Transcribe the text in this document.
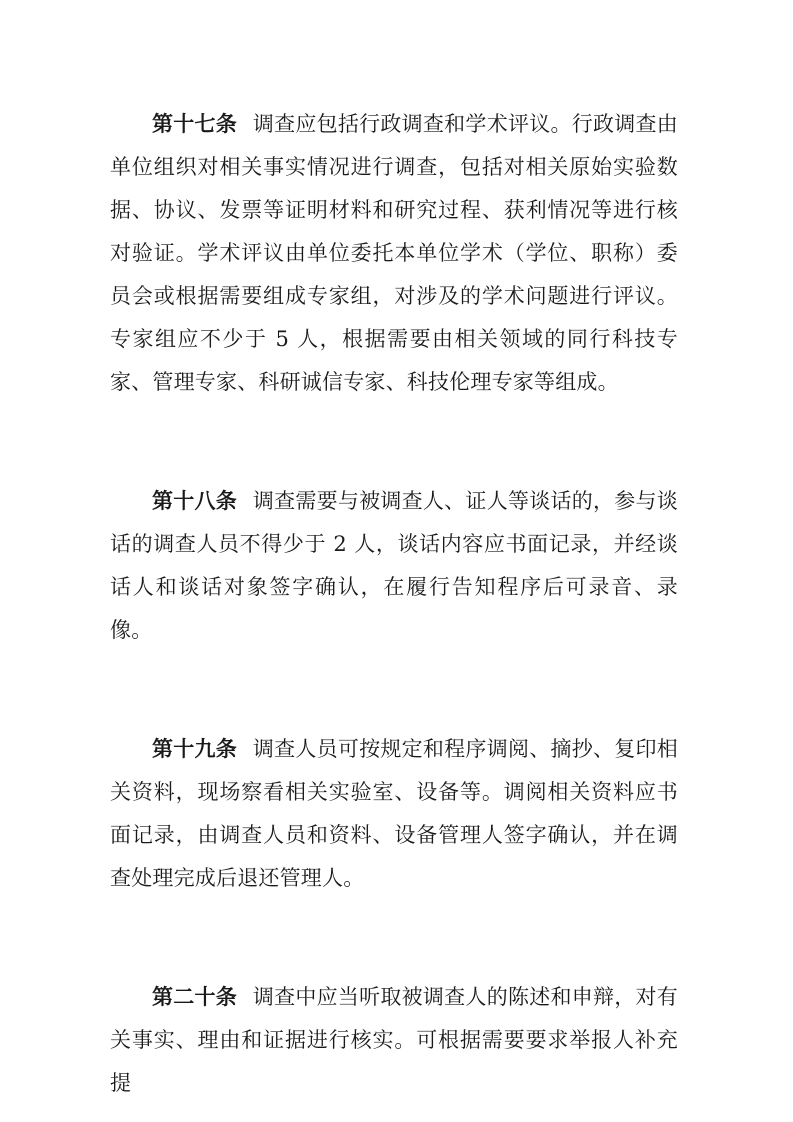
第十七条 调查应包括行政调查和学术评议。行政调查由单位组织对相关事实情况进行调查，包括对相关原始实验数据、协议、发票等证明材料和研究过程、获利情况等进行核对验证。学术评议由单位委托本单位学术（学位、职称）委员会或根据需要组成专家组，对涉及的学术问题进行评议。专家组应不少于 5 人，根据需要由相关领域的同行科技专家、管理专家、科研诚信专家、科技伦理专家等组成。

第十八条 调查需要与被调查人、证人等谈话的，参与谈话的调查人员不得少于 2 人，谈话内容应书面记录，并经谈话人和谈话对象签字确认，在履行告知程序后可录音、录像。

第十九条 调查人员可按规定和程序调阅、摘抄、复印相关资料，现场察看相关实验室、设备等。调阅相关资料应书面记录，由调查人员和资料、设备管理人签字确认，并在调查处理完成后退还管理人。

第二十条 调查中应当听取被调查人的陈述和申辩，对有关事实、理由和证据进行核实。可根据需要要求举报人补充提
